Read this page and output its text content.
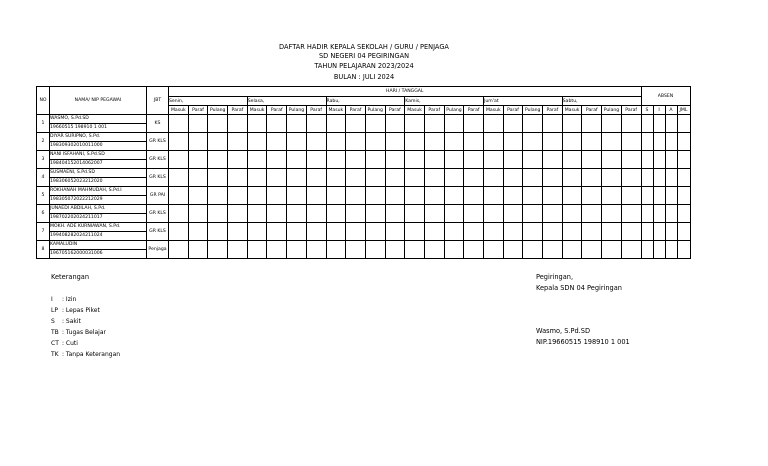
DAFTAR HADIR KEPALA SEKOLAH / GURU / PENJAGA
SD NEGERI 04 PEGIRINGAN
TAHUN PELAJARAN 2023/2024
BULAN : JULI 2024
NO	NAMA/ NIP PEGAWAI	JBT	HARI / TANGGAL																								ABSEN			
			Senin,				Selasa,				Rabu,				Kamis,				Jum'at				Sabtu,							
			Masuk	Paraf	Pulang	Paraf	Masuk	Paraf	Pulang	Paraf	Masuk	Paraf	Pulang	Paraf	Masuk	Paraf	Pulang	Paraf	Masuk	Paraf	Pulang	Paraf	Masuk	Paraf	Pulang	Paraf	S	I	A	JML
1	WASMO, S.Pd.SD	KS																												
	19660515 198910 1 001																													
2	DIYAR SURIPNO, S.Pd.	GR KLS																												
	198309302010011000																													
3	NANI ISFAHANI, S.Pd.SD	GR KLS																												
	198404152014062007																													
4	SUSMAENI, S.Pd.SD	GR KLS																												
	198306052023212020																													
5	ROKHANAH MAHMUDAH, S.Pd.I	GR PAI																												
	198305072022212029																													
6	JUNAEDI ABDILAH, S.Pd.	GR KLS																												
	198702202024211017																													
7	MOKH. ADE KURNIAWAN, S.Pd.	GR KLS																												
	199408282024211024																													
8	KAMALUDIN	Penjaga																												
	196705162000031006																													
Keterangan
I : Izin
LP : Lepas Piket
S : Sakit
TB : Tugas Belajar
CT : Cuti
TK : Tanpa Keterangan
Pegiringan,
Kepala SDN 04 Pegiringan
Wasmo, S.Pd.SD
NIP.19660515 198910 1 001
